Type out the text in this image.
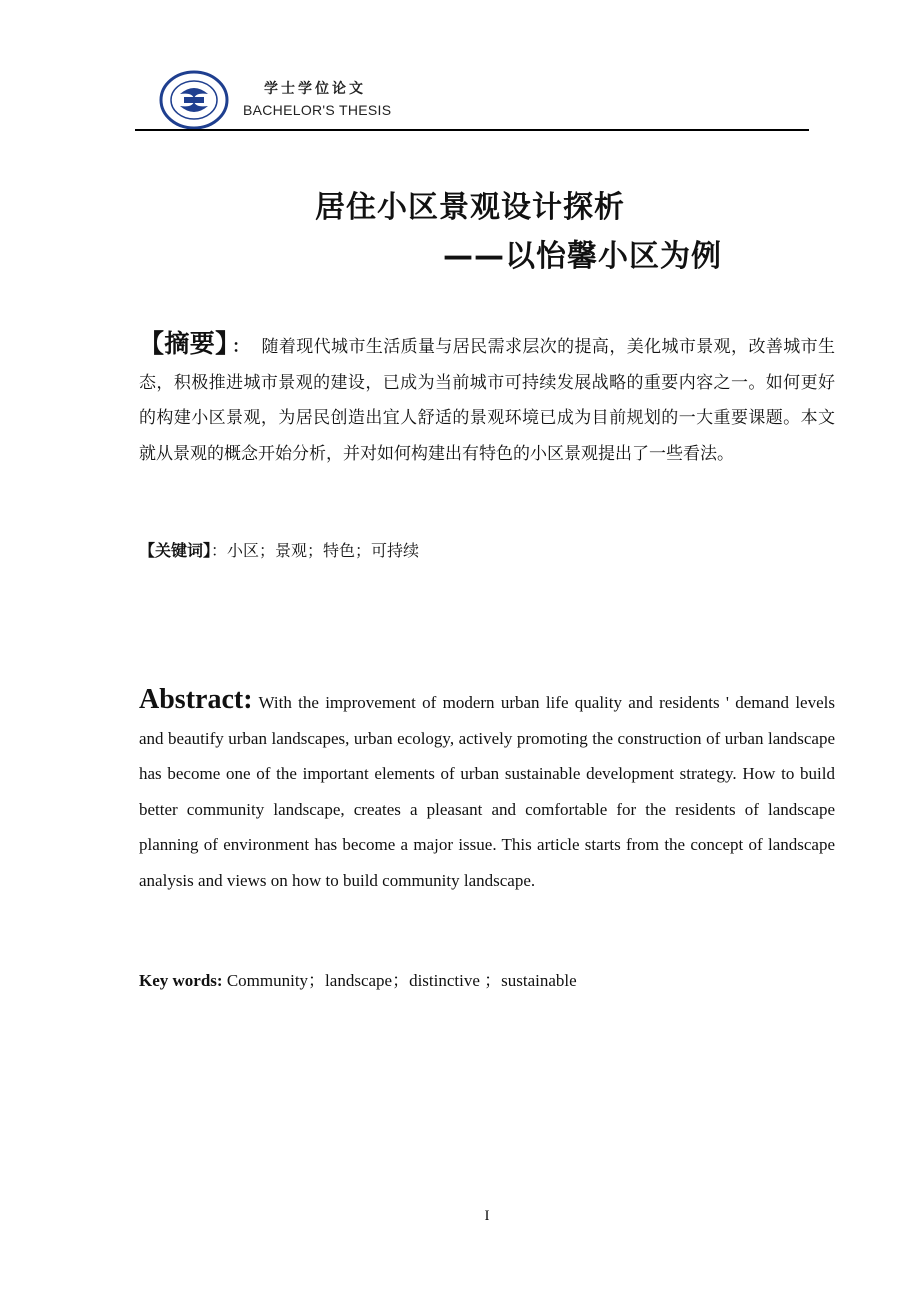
学士学位论文
BACHELOR'S THESIS
居住小区景观设计探析
——以怡馨小区为例
【摘要】 ： 随着现代城市生活质量与居民需求层次的提高，美化城市景观，改善城市生态，积极推进城市景观的建设，已成为当前城市可持续发展战略的重要内容之一。如何更好的构建小区景观，为居民创造出宜人舒适的景观环境已成为目前规划的一大重要课题。本文就从景观的概念开始分析，并对如何构建出有特色的小区景观提出了一些看法。
【关键词】：小区；景观；特色；可持续
Abstract: With the improvement of modern urban life quality and residents ' demand levels and beautify urban landscapes, urban ecology, actively promoting the construction of urban landscape has become one of the important elements of urban sustainable development strategy. How to build better community landscape, creates a pleasant and comfortable for the residents of landscape planning of environment has become a major issue. This article starts from the concept of landscape analysis and views on how to build community landscape.
Key words: Community；landscape；distinctive ；sustainable
I
